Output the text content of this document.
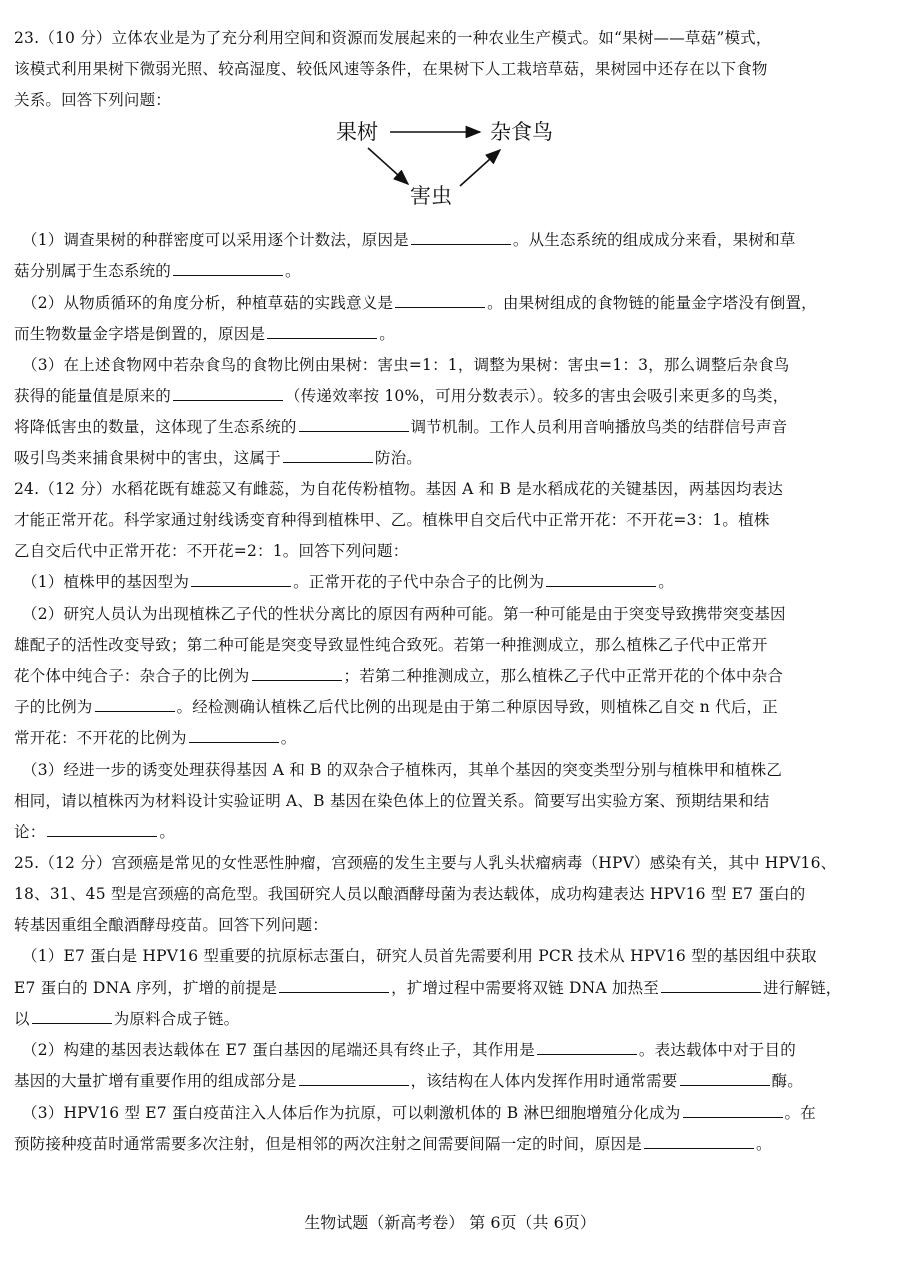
23.（10 分）立体农业是为了充分利用空间和资源而发展起来的一种农业生产模式。如“果树——草菇”模式，
该模式利用果树下微弱光照、较高湿度、较低风速等条件，在果树下人工栽培草菇，果树园中还存在以下食物
关系。回答下列问题：
果树	杂食鸟
害虫
（1）调查果树的种群密度可以采用逐个计数法，原因是	。从生态系统的组成成分来看，果树和草
菇分别属于生态系统的	。
（2）从物质循环的角度分析，种植草菇的实践意义是	。由果树组成的食物链的能量金字塔没有倒置，
而生物数量金字塔是倒置的，原因是	。
（3）在上述食物网中若杂食鸟的食物比例由果树：害虫=1：1，调整为果树：害虫=1：3，那么调整后杂食鸟
获得的能量值是原来的	（传递效率按 10%，可用分数表示）。较多的害虫会吸引来更多的鸟类，
将降低害虫的数量，这体现了生态系统的	调节机制。工作人员利用音响播放鸟类的结群信号声音
吸引鸟类来捕食果树中的害虫，这属于	防治。
24.（12 分）水稻花既有雄蕊又有雌蕊，为自花传粉植物。基因 A 和 B 是水稻成花的关键基因，两基因均表达
才能正常开花。科学家通过射线诱变育种得到植株甲、乙。植株甲自交后代中正常开花：不开花=3：1。植株
乙自交后代中正常开花：不开花=2：1。回答下列问题：
（1）植株甲的基因型为	。正常开花的子代中杂合子的比例为	。
（2）研究人员认为出现植株乙子代的性状分离比的原因有两种可能。第一种可能是由于突变导致携带突变基因
雄配子的活性改变导致；第二种可能是突变导致显性纯合致死。若第一种推测成立，那么植株乙子代中正常开
花个体中纯合子：杂合子的比例为	；若第二种推测成立，那么植株乙子代中正常开花的个体中杂合
子的比例为	。经检测确认植株乙后代比例的出现是由于第二种原因导致，则植株乙自交 n 代后，正
常开花：不开花的比例为	。
（3）经进一步的诱变处理获得基因 A 和 B 的双杂合子植株丙，其单个基因的突变类型分别与植株甲和植株乙
相同，请以植株丙为材料设计实验证明 A、B 基因在染色体上的位置关系。简要写出实验方案、预期结果和结
论：	。
25.（12 分）宫颈癌是常见的女性恶性肿瘤，宫颈癌的发生主要与人乳头状瘤病毒（HPV）感染有关，其中 HPV16、
18、31、45 型是宫颈癌的高危型。我国研究人员以酿酒酵母菌为表达载体，成功构建表达 HPV16 型 E7 蛋白的
转基因重组全酿酒酵母疫苗。回答下列问题：
（1）E7 蛋白是 HPV16 型重要的抗原标志蛋白，研究人员首先需要利用 PCR 技术从 HPV16 型的基因组中获取
E7 蛋白的 DNA 序列，扩增的前提是	，扩增过程中需要将双链 DNA 加热至	进行解链，
以	为原料合成子链。
（2）构建的基因表达载体在 E7 蛋白基因的尾端还具有终止子，其作用是	。表达载体中对于目的
基因的大量扩增有重要作用的组成部分是	，该结构在人体内发挥作用时通常需要	酶。
（3）HPV16 型 E7 蛋白疫苗注入人体后作为抗原，可以刺激机体的 B 淋巴细胞增殖分化成为	。在
预防接种疫苗时通常需要多次注射，但是相邻的两次注射之间需要间隔一定的时间，原因是	。
生物试题（新高考卷） 第 6页（共 6页）
